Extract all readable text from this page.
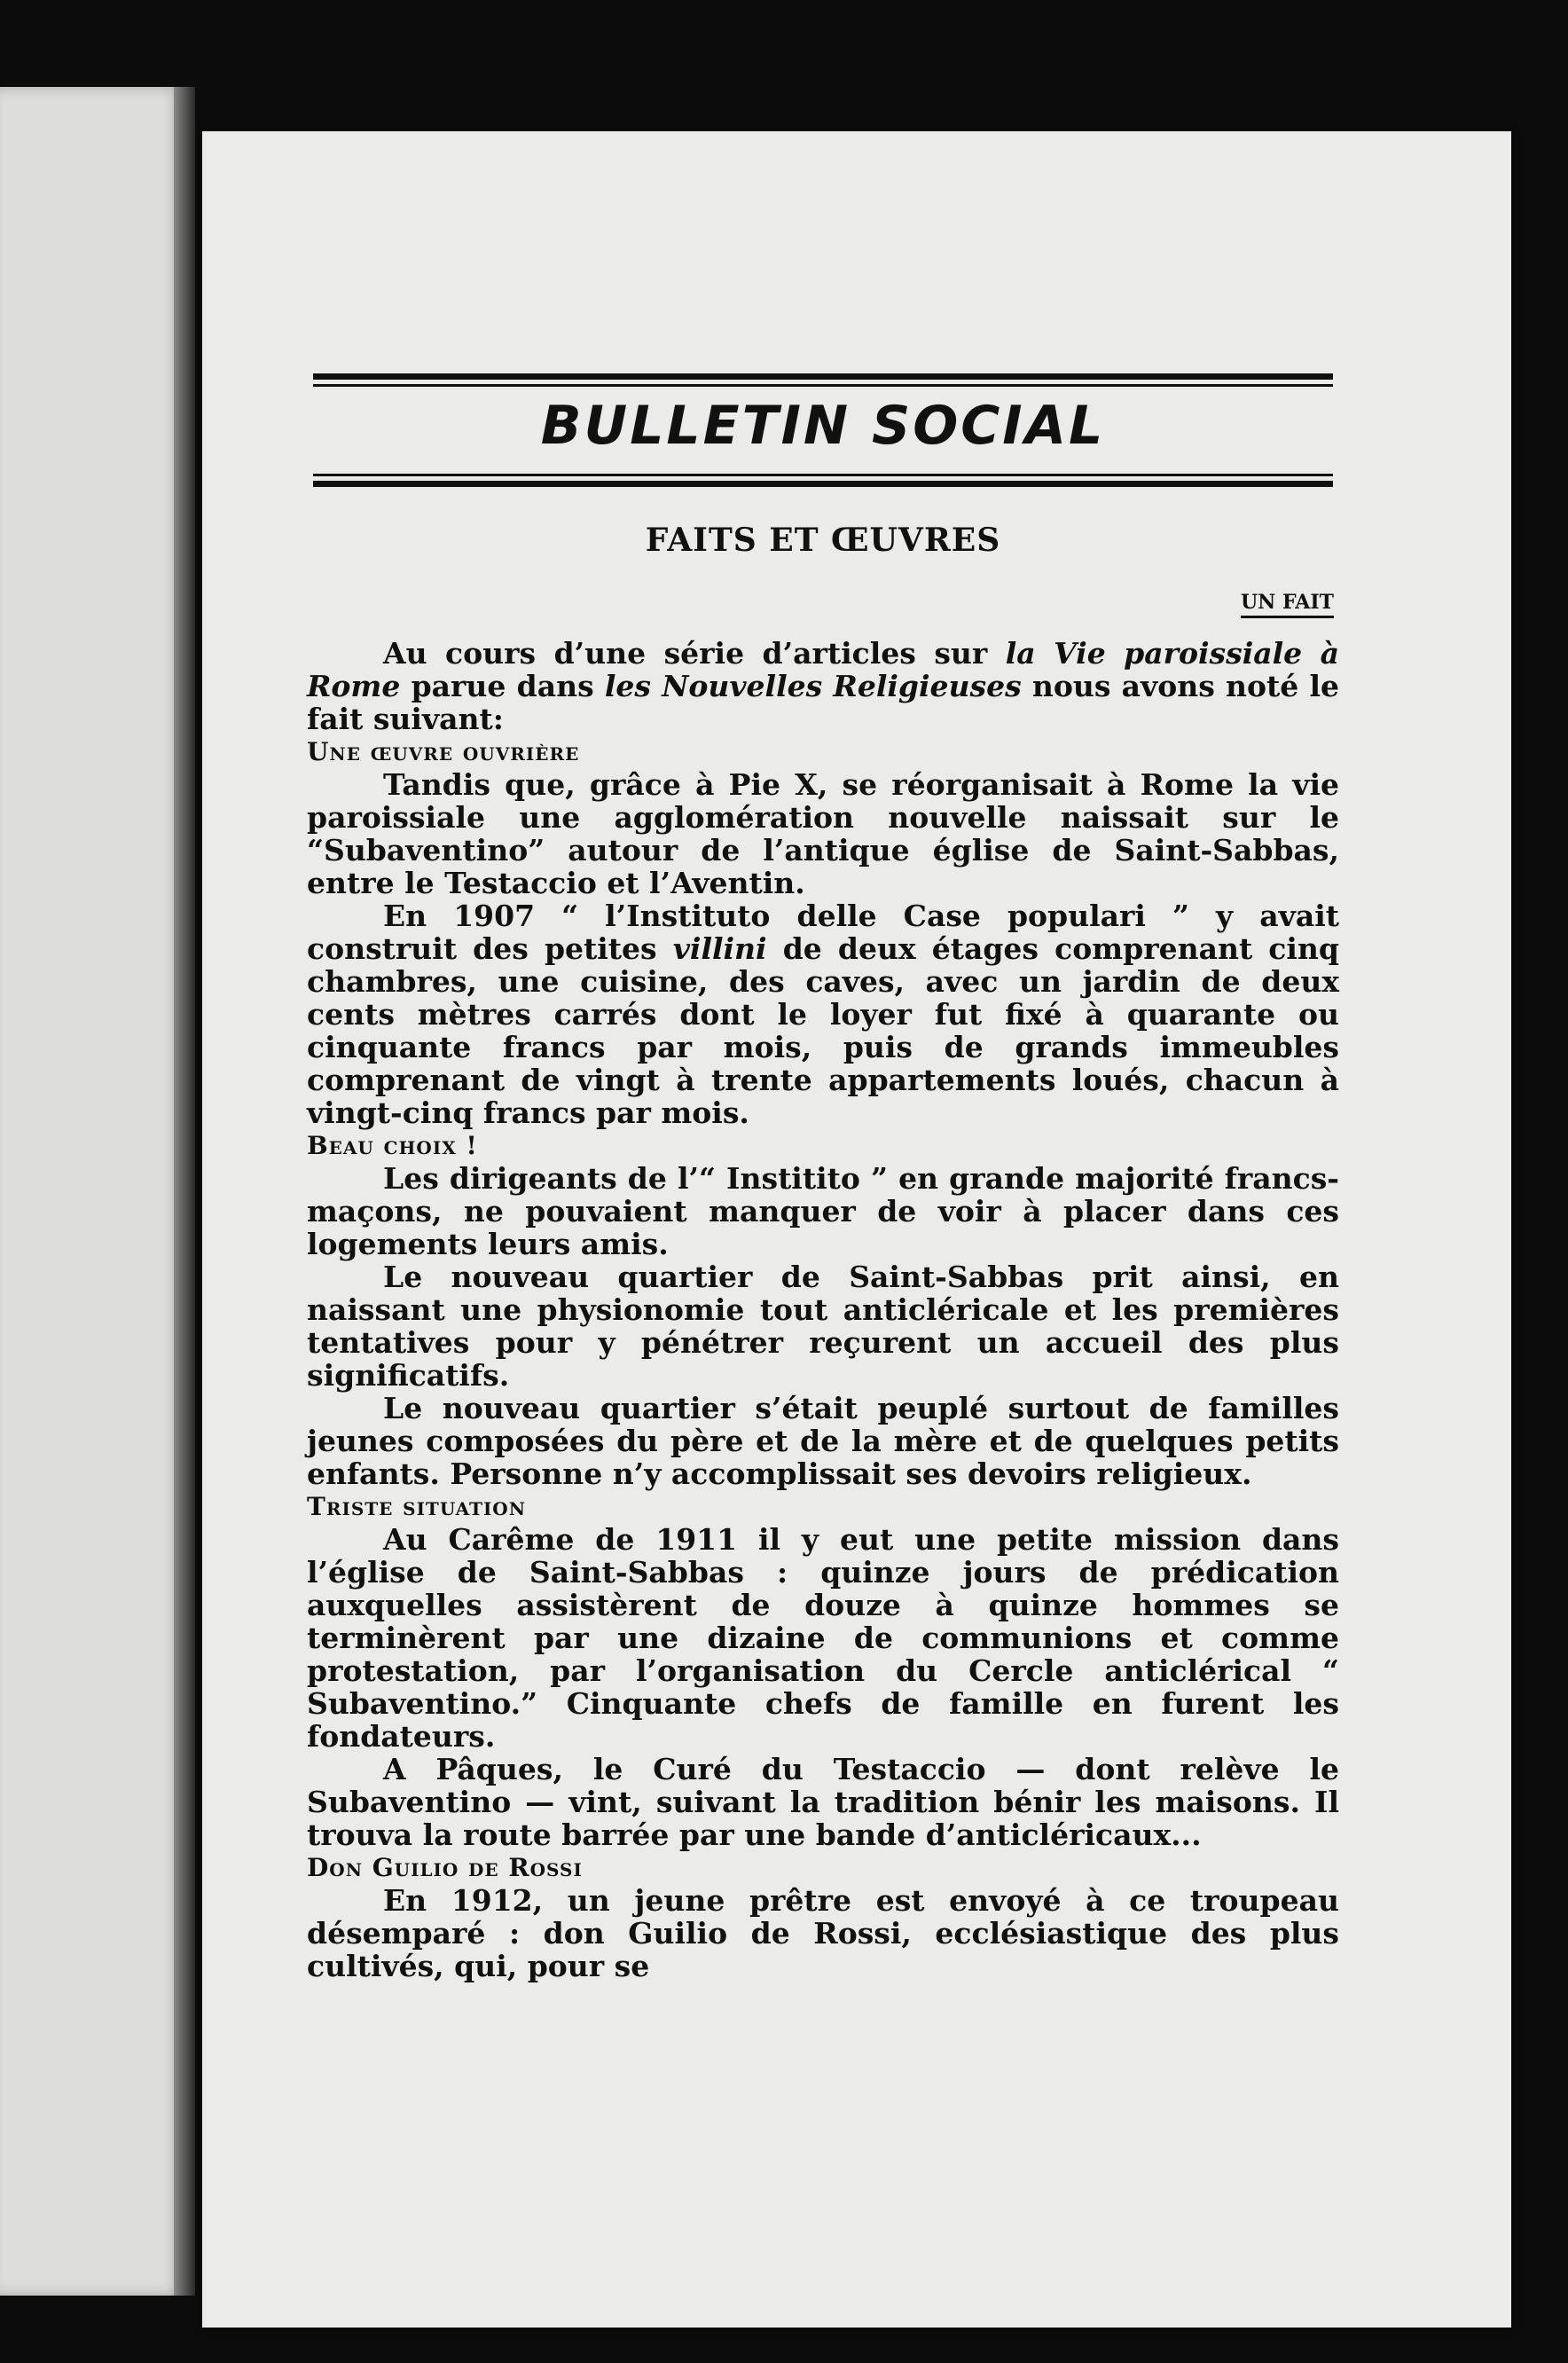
BULLETIN SOCIAL
FAITS ET ŒUVRES
UN FAIT

Au cours d’une série d’articles sur la Vie paroissiale à Rome parue dans les Nouvelles Religieuses nous avons noté le fait suivant:

Une œuvre ouvrière

Tandis que, grâce à Pie X, se réorganisait à Rome la vie paroissiale une agglomération nouvelle naissait sur le “Subaventino” autour de l’antique église de Saint-Sabbas, entre le Testaccio et l’Aventin.

En 1907 “ l’Instituto delle Case populari ” y avait construit des petites villini de deux étages comprenant cinq chambres, une cuisine, des caves, avec un jardin de deux cents mètres carrés dont le loyer fut fixé à quarante ou cinquante francs par mois, puis de grands immeubles comprenant de vingt à trente appartements loués, chacun à vingt-cinq francs par mois.

Beau choix !

Les dirigeants de l’“ Institito ” en grande majorité francs-maçons, ne pouvaient manquer de voir à placer dans ces logements leurs amis.

Le nouveau quartier de Saint-Sabbas prit ainsi, en naissant une physionomie tout anticléricale et les premières tentatives pour y pénétrer reçurent un accueil des plus significatifs.

Le nouveau quartier s’était peuplé surtout de familles jeunes composées du père et de la mère et de quelques petits enfants. Personne n’y accomplissait ses devoirs religieux.

Triste situation

Au Carême de 1911 il y eut une petite mission dans l’église de Saint-Sabbas : quinze jours de prédication auxquelles assistèrent de douze à quinze hommes se terminèrent par une dizaine de communions et comme protestation, par l’organisation du Cercle anticlérical “ Subaventino.” Cinquante chefs de famille en furent les fondateurs.

A Pâques, le Curé du Testaccio — dont relève le Subaventino — vint, suivant la tradition bénir les maisons. Il trouva la route barrée par une bande d’anticléricaux...

Don Guilio de Rossi

En 1912, un jeune prêtre est envoyé à ce troupeau désemparé : don Guilio de Rossi, ecclésiastique des plus cultivés, qui, pour se
